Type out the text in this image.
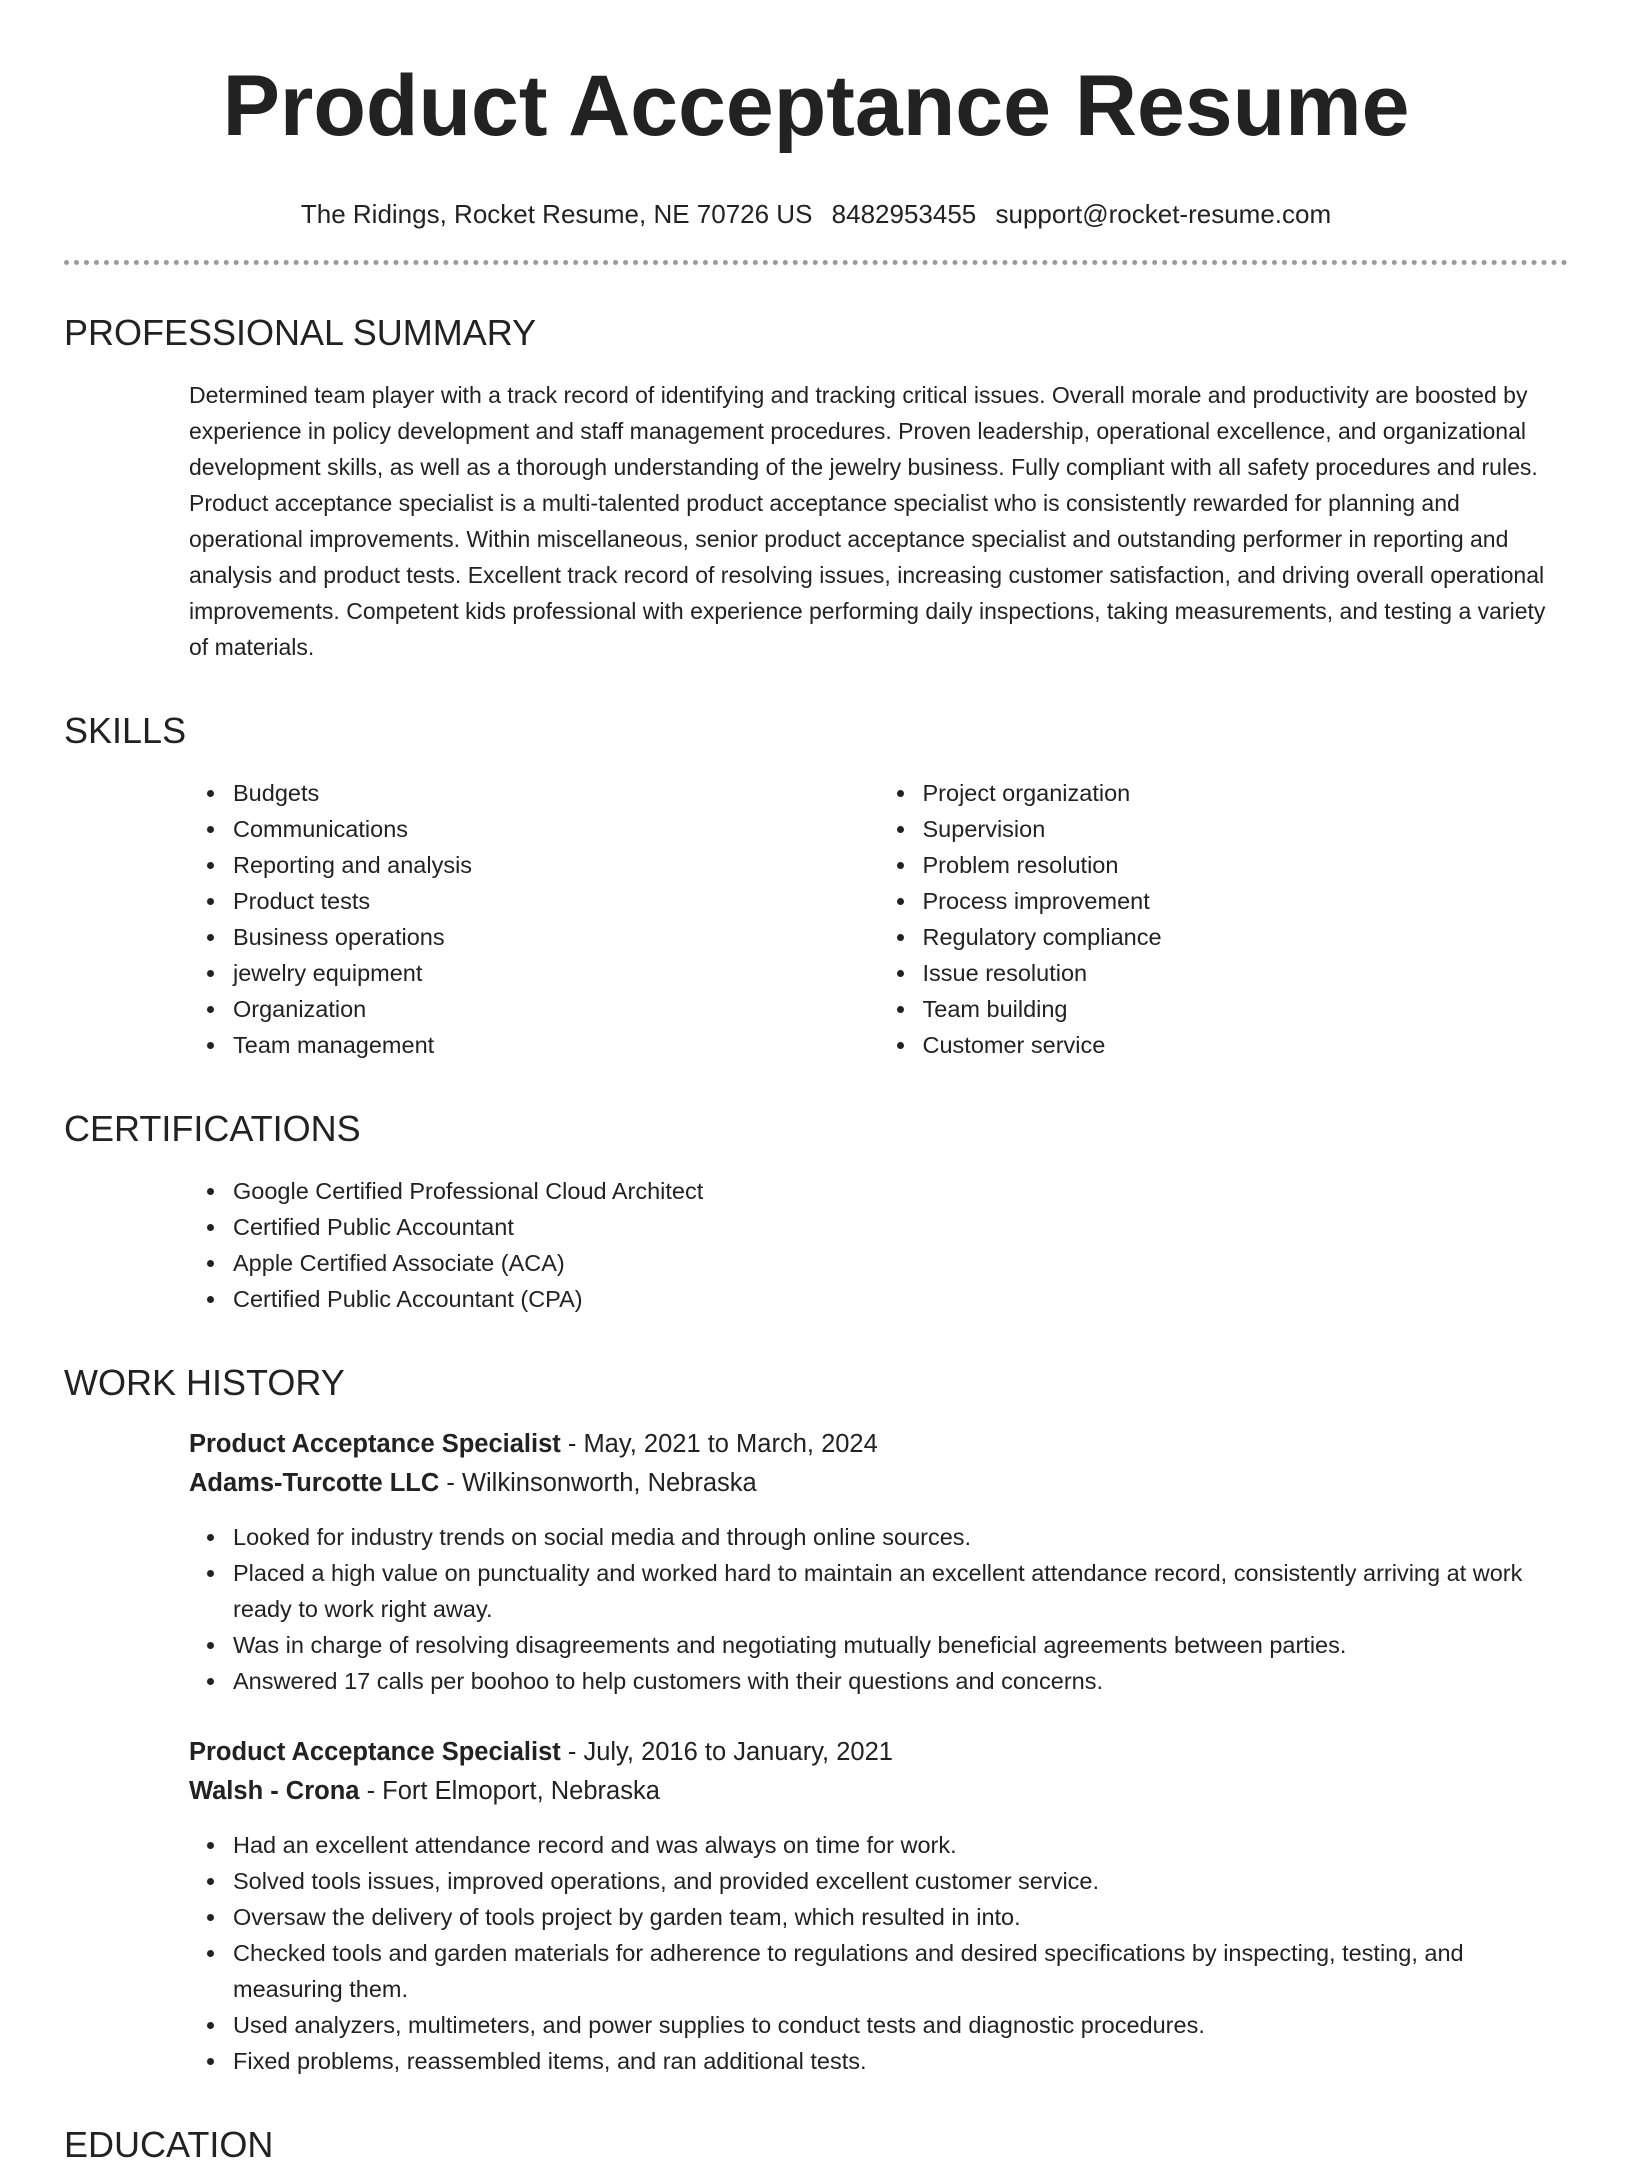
Product Acceptance Resume
The Ridings, Rocket Resume, NE 70726 US 8482953455 support@rocket-resume.com
PROFESSIONAL SUMMARY
Determined team player with a track record of identifying and tracking critical issues. Overall morale and productivity are boosted by experience in policy development and staff management procedures. Proven leadership, operational excellence, and organizational development skills, as well as a thorough understanding of the jewelry business. Fully compliant with all safety procedures and rules. Product acceptance specialist is a multi-talented product acceptance specialist who is consistently rewarded for planning and operational improvements. Within miscellaneous, senior product acceptance specialist and outstanding performer in reporting and analysis and product tests. Excellent track record of resolving issues, increasing customer satisfaction, and driving overall operational improvements. Competent kids professional with experience performing daily inspections, taking measurements, and testing a variety of materials.
SKILLS
Budgets
Communications
Reporting and analysis
Product tests
Business operations
jewelry equipment
Organization
Team management
Project organization
Supervision
Problem resolution
Process improvement
Regulatory compliance
Issue resolution
Team building
Customer service
CERTIFICATIONS
Google Certified Professional Cloud Architect
Certified Public Accountant
Apple Certified Associate (ACA)
Certified Public Accountant (CPA)
WORK HISTORY
Product Acceptance Specialist - May, 2021 to March, 2024
Adams-Turcotte LLC - Wilkinsonworth, Nebraska
Looked for industry trends on social media and through online sources.
Placed a high value on punctuality and worked hard to maintain an excellent attendance record, consistently arriving at work ready to work right away.
Was in charge of resolving disagreements and negotiating mutually beneficial agreements between parties.
Answered 17 calls per boohoo to help customers with their questions and concerns.
Product Acceptance Specialist - July, 2016 to January, 2021
Walsh - Crona - Fort Elmoport, Nebraska
Had an excellent attendance record and was always on time for work.
Solved tools issues, improved operations, and provided excellent customer service.
Oversaw the delivery of tools project by garden team, which resulted in into.
Checked tools and garden materials for adherence to regulations and desired specifications by inspecting, testing, and measuring them.
Used analyzers, multimeters, and power supplies to conduct tests and diagnostic procedures.
Fixed problems, reassembled items, and ran additional tests.
EDUCATION
